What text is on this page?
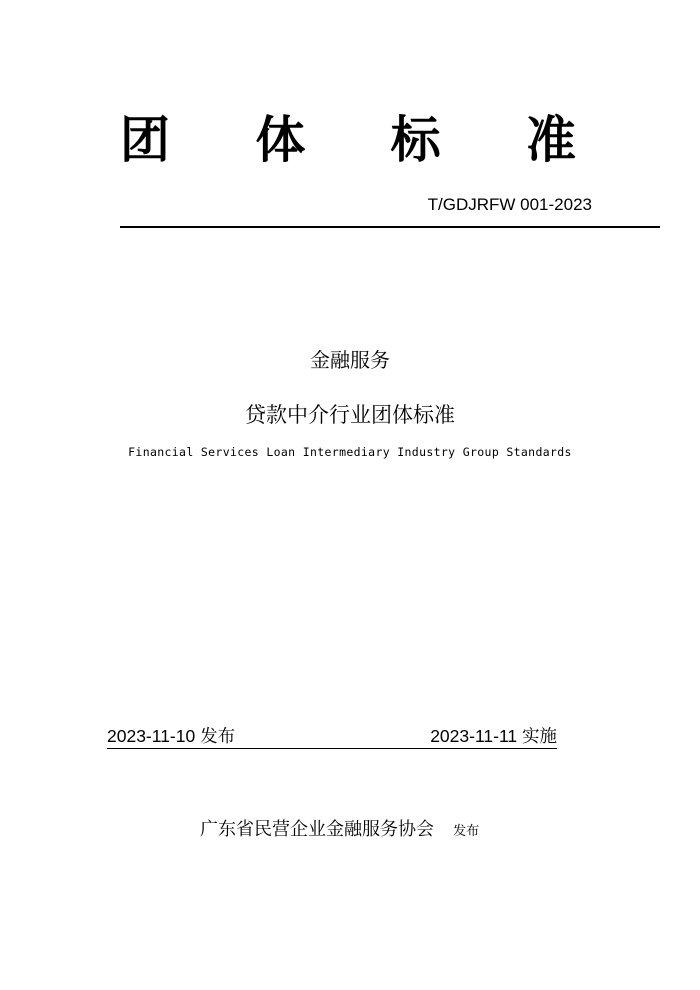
团 体 标 准
T/GDJRFW 001-2023
金融服务
贷款中介行业团体标准
Financial Services Loan Intermediary Industry Group Standards
2023-11-10 发布	2023-11-11 实施
广东省民营企业金融服务协会 发布
